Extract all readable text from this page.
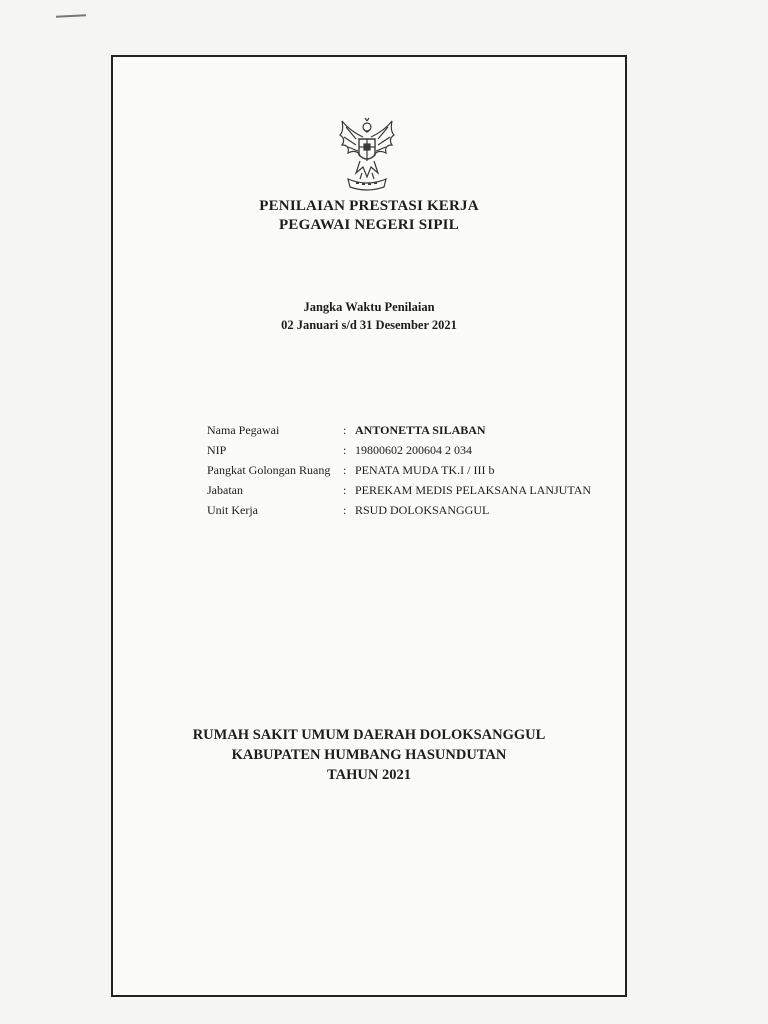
PENILAIAN PRESTASI KERJA
PEGAWAI NEGERI SIPIL
Jangka Waktu Penilaian
02 Januari s/d 31 Desember 2021
Nama Pegawai	: ANTONETTA SILABAN
NIP	: 19800602 200604 2 034
Pangkat Golongan Ruang	: PENATA MUDA TK.I / III b
Jabatan	: PEREKAM MEDIS PELAKSANA LANJUTAN
Unit Kerja	: RSUD DOLOKSANGGUL
RUMAH SAKIT UMUM DAERAH DOLOKSANGGUL
KABUPATEN HUMBANG HASUNDUTAN
TAHUN 2021
